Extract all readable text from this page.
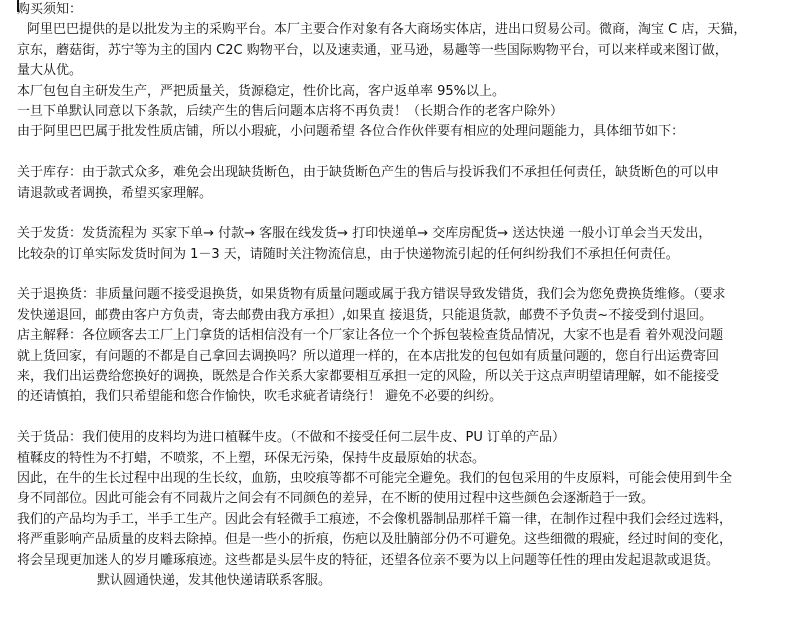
购买须知：
阿里巴巴提供的是以批发为主的采购平台。本厂主要合作对象有各大商场实体店，进出口贸易公司。微商，淘宝 C 店，天猫，
京东，蘑菇街，苏宁等为主的国内 C2C 购物平台，以及速卖通，亚马逊，易趣等一些国际购物平台，可以来样或来图订做，
量大从优。
本厂包包自主研发生产，严把质量关，货源稳定，性价比高，客户返单率 95%以上。
一旦下单默认同意以下条款，后续产生的售后问题本店将不再负责！（长期合作的老客户除外）
由于阿里巴巴属于批发性质店铺，所以小瑕疵，小问题希望 各位合作伙伴要有相应的处理问题能力，具体细节如下：
关于库存：由于款式众多，难免会出现缺货断色，由于缺货断色产生的售后与投诉我们不承担任何责任，缺货断色的可以申
请退款或者调换，希望买家理解。
关于发货：发货流程为 买家下单→ 付款→ 客服在线发货→ 打印快递单→ 交库房配货→ 送达快递 一般小订单会当天发出，
比较杂的订单实际发货时间为 1－3 天，请随时关注物流信息，由于快递物流引起的任何纠纷我们不承担任何责任。
关于退换货：非质量问题不接受退换货，如果货物有质量问题或属于我方错误导致发错货，我们会为您免费换货维修。（要求
发快递退回，邮费由客户方负责，寄去邮费由我方承担）,如果直 接退货，只能退货款，邮费不予负责~不接受到付退回。
店主解释：各位顾客去工厂上门拿货的话相信没有一个厂家让各位一个个拆包装检查货品情况，大家不也是看 着外观没问题
就上货回家，有问题的不都是自己拿回去调换吗？所以道理一样的，在本店批发的包包如有质量问题的，您自行出运费寄回
来，我们出运费给您换好的调换，既然是合作关系大家都要相互承担一定的风险，所以关于这点声明望请理解，如不能接受
的还请慎拍，我们只希望能和您合作愉快，吹毛求疵者请绕行！ 避免不必要的纠纷。
关于货品：我们使用的皮料均为进口植鞣牛皮。（不做和不接受任何二层牛皮、PU 订单的产品）
植鞣皮的特性为不打蜡，不喷浆，不上塑，环保无污染，保持牛皮最原始的状态。
因此，在牛的生长过程中出现的生长纹，血筋，虫咬痕等都不可能完全避免。我们的包包采用的牛皮原料，可能会使用到牛全
身不同部位。因此可能会有不同裁片之间会有不同颜色的差异，在不断的使用过程中这些颜色会逐渐趋于一致。
我们的产品均为手工，半手工生产。因此会有轻微手工痕迹，不会像机器制品那样千篇一律，在制作过程中我们会经过选料，
将严重影响产品质量的皮料去除掉。但是一些小的折痕，伤疤以及肚腩部分仍不可避免。这些细微的瑕疵，经过时间的变化，
将会呈现更加迷人的岁月雕琢痕迹。这些都是头层牛皮的特征，还望各位亲不要为以上问题等任性的理由发起退款或退货。
默认圆通快递，发其他快递请联系客服。
